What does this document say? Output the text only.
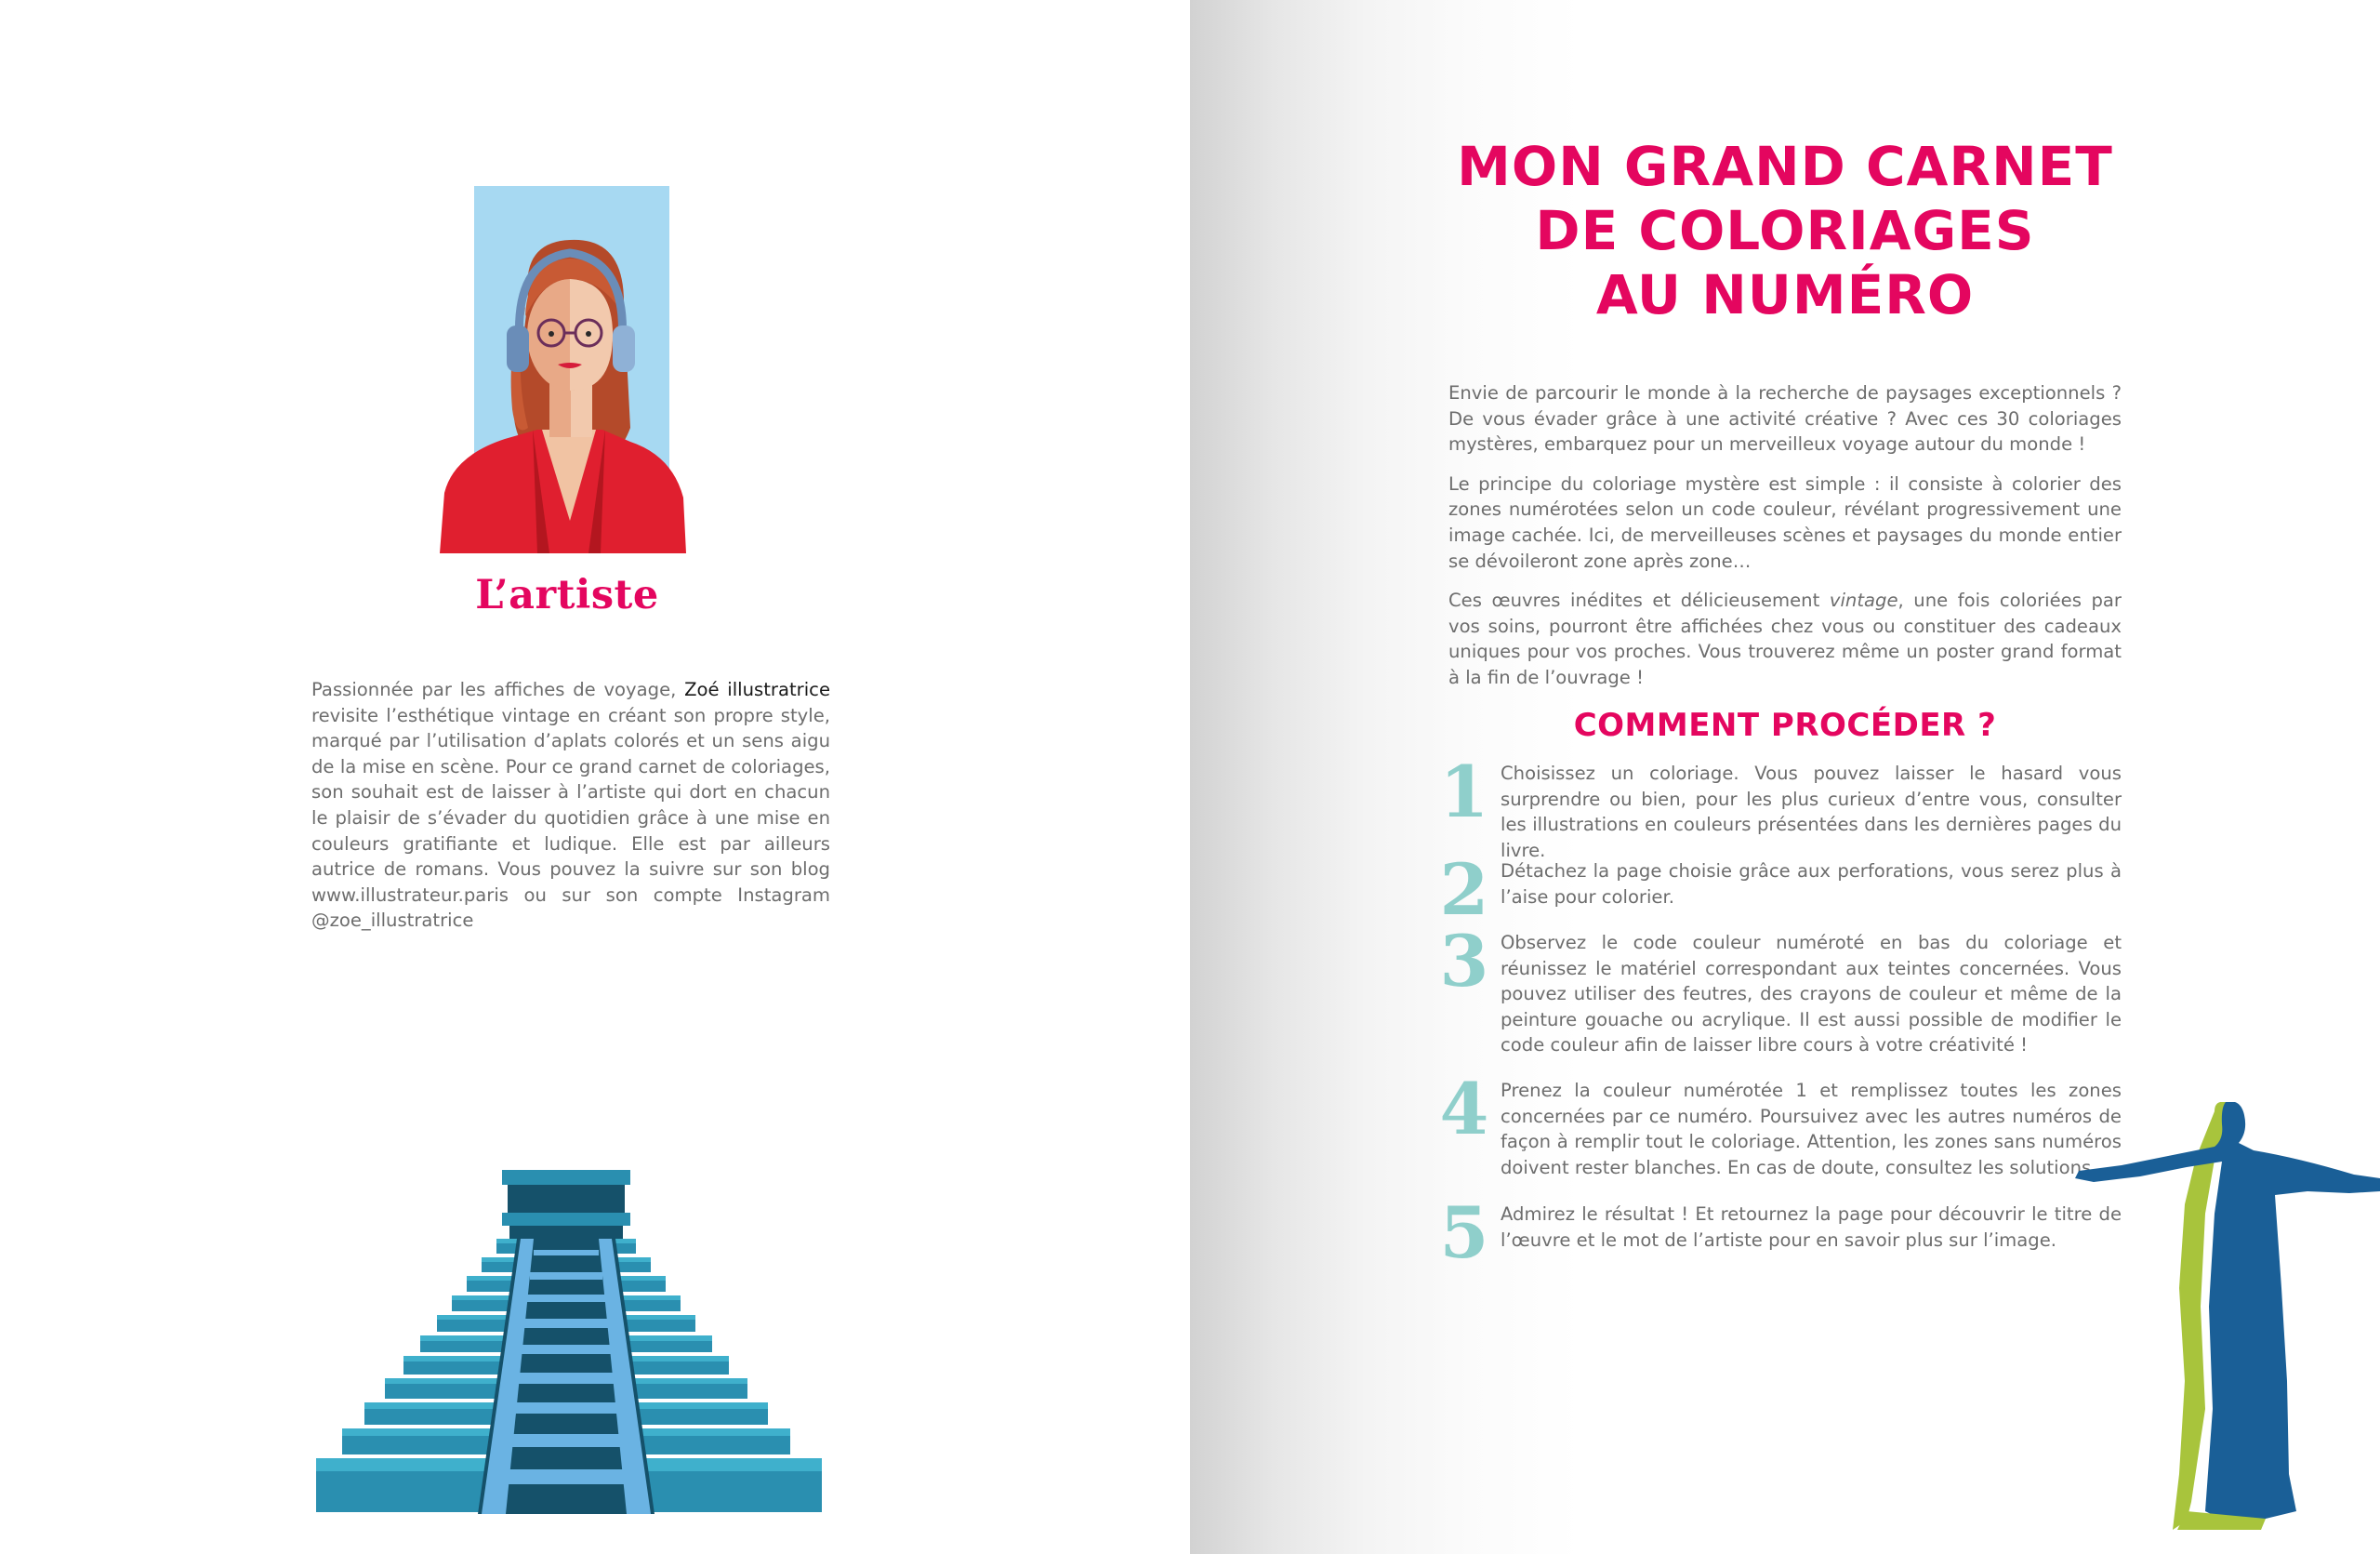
L’artiste
Passionnée par les affiches de voyage, Zoé illustratrice revisite l’esthétique vintage en créant son propre style, marqué par l’utilisation d’aplats colorés et un sens aigu de la mise en scène. Pour ce grand carnet de coloriages, son souhait est de laisser à l’artiste qui dort en chacun le plaisir de s’évader du quotidien grâce à une mise en couleurs gratifiante et ludique. Elle est par ailleurs autrice de romans. Vous pouvez la suivre sur son blog www.illustrateur.paris ou sur son compte Instagram @zoe_illustratrice
MON GRAND CARNET
DE COLORIAGES
AU NUMÉRO

Envie de parcourir le monde à la recherche de paysages exceptionnels ? De vous évader grâce à une activité créative ? Avec ces 30 coloriages mystères, embarquez pour un merveilleux voyage autour du monde !

Le principe du coloriage mystère est simple : il consiste à colorier des zones numérotées selon un code couleur, révélant progressivement une image cachée. Ici, de merveilleuses scènes et paysages du monde entier se dévoileront zone après zone…

Ces œuvres inédites et délicieusement vintage, une fois coloriées par vos soins, pourront être affichées chez vous ou constituer des cadeaux uniques pour vos proches. Vous trouverez même un poster grand format à la fin de l’ouvrage !

COMMENT PROCÉDER ?
1 Choisissez un coloriage. Vous pouvez laisser le hasard vous surprendre ou bien, pour les plus curieux d’entre vous, consulter les illustrations en couleurs présentées dans les dernières pages du livre.
2 Détachez la page choisie grâce aux perforations, vous serez plus à l’aise pour colorier.
3 Observez le code couleur numéroté en bas du coloriage et réunissez le matériel correspondant aux teintes concernées. Vous pouvez utiliser des feutres, des crayons de couleur et même de la peinture gouache ou acrylique. Il est aussi possible de modifier le code couleur afin de laisser libre cours à votre créativité !
4 Prenez la couleur numérotée 1 et remplissez toutes les zones concernées par ce numéro. Poursuivez avec les autres numéros de façon à remplir tout le coloriage. Attention, les zones sans numéros doivent rester blanches. En cas de doute, consultez les solutions.
5 Admirez le résultat ! Et retournez la page pour découvrir le titre de l’œuvre et le mot de l’artiste pour en savoir plus sur l’image.
